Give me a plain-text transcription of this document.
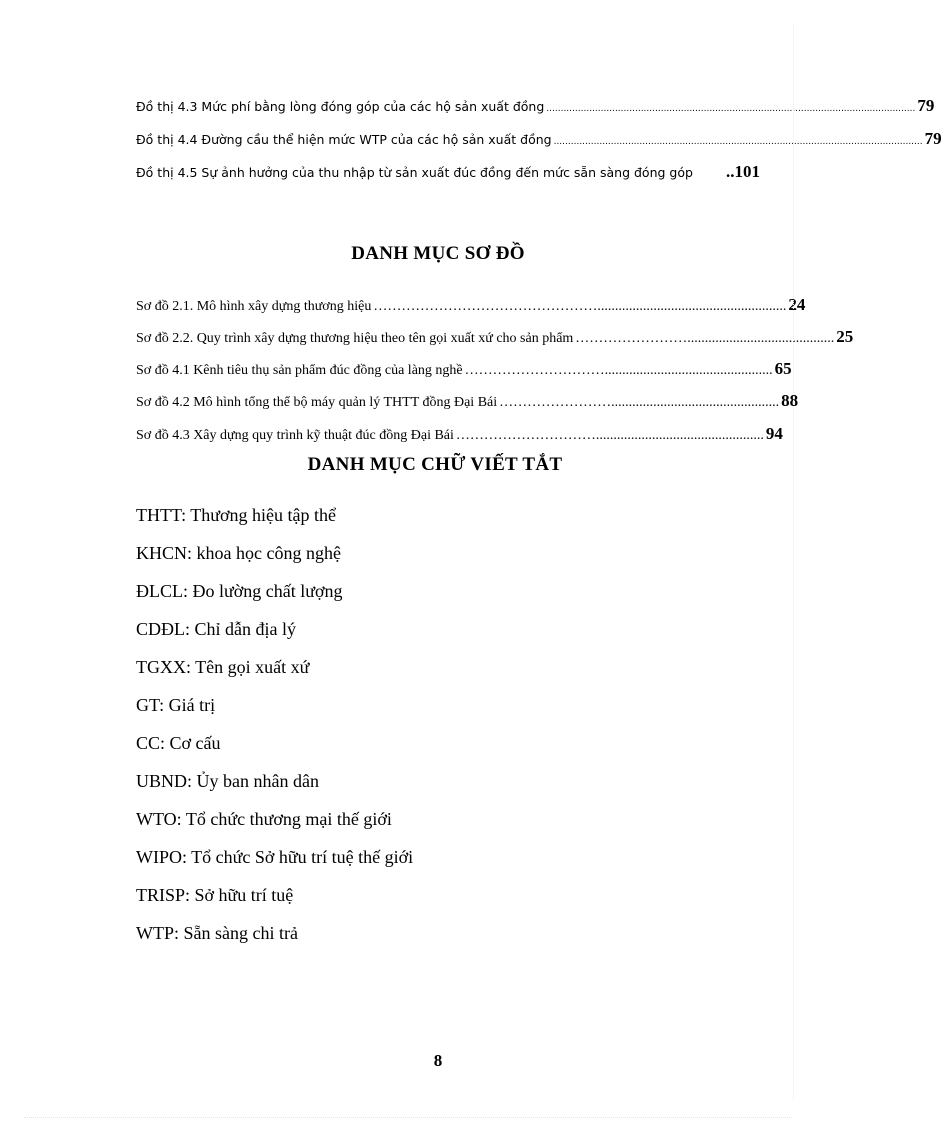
Đồ thị 4.3 Mức phí bằng lòng đóng góp của các hộ sản xuất đồng ................................................................................................................................. 79
Đồ thị 4.4 Đường cầu thể hiện mức WTP của các hộ sản xuất đồng ................................................................................................................................. 79
Đồ thị 4.5 Sự ảnh hưởng của thu nhập từ sản xuất đúc đồng đến mức sẵn sàng đóng góp ..101
DANH MỤC SƠ ĐỒ
Sơ đồ 2.1. Mô hình xây dựng thương hiệu …………………………………………...................................................... 24
Sơ đồ 2.2. Quy trình xây dựng thương hiệu theo tên gọi xuất xứ cho sản phẩm …………………….......................................... 25
Sơ đồ 4.1 Kênh tiêu thụ sản phẩm đúc đồng của làng nghề …………………………................................................ 65
Sơ đồ 4.2 Mô hình tổng thể bộ máy quản lý THTT đồng Đại Bái ……………………................................................ 88
Sơ đồ 4.3 Xây dựng quy trình kỹ thuật đúc đồng Đại Bái …………………………................................................ 94
DANH MỤC CHỮ VIẾT TẮT
THTT: Thương hiệu tập thể
KHCN: khoa học công nghệ
ĐLCL: Đo lường chất lượng
CDĐL: Chỉ dẫn địa lý
TGXX: Tên gọi xuất xứ
GT: Giá trị
CC: Cơ cấu
UBND: Ủy ban nhân dân
WTO: Tổ chức thương mại thế giới
WIPO: Tổ chức Sở hữu trí tuệ thế giới
TRISP: Sở hữu trí tuệ
WTP: Sẵn sàng chi trả
8
